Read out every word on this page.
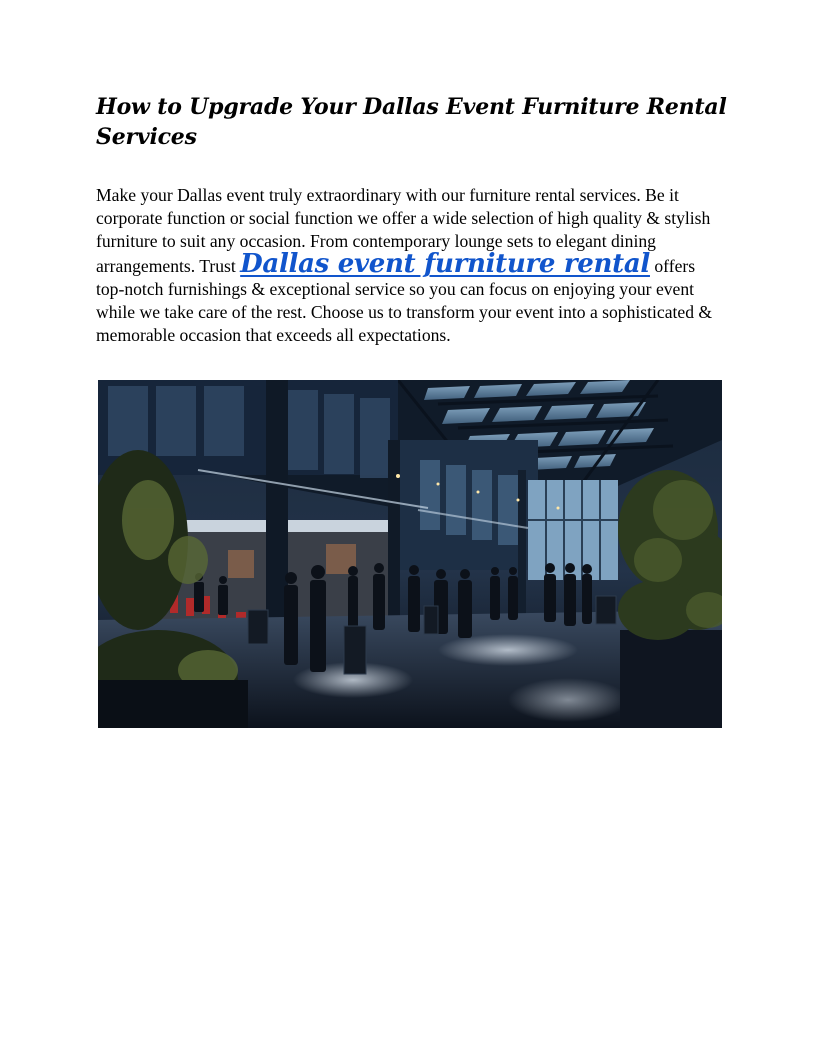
How to Upgrade Your Dallas Event Furniture Rental Services

Make your Dallas event truly extraordinary with our furniture rental services. Be it corporate function or social function we offer a wide selection of high quality & stylish furniture to suit any occasion. From contemporary lounge sets to elegant dining arrangements. Trust Dallas event furniture rental offers top-notch furnishings & exceptional service so you can focus on enjoying your event while we take care of the rest. Choose us to transform your event into a sophisticated & memorable occasion that exceeds all expectations.
